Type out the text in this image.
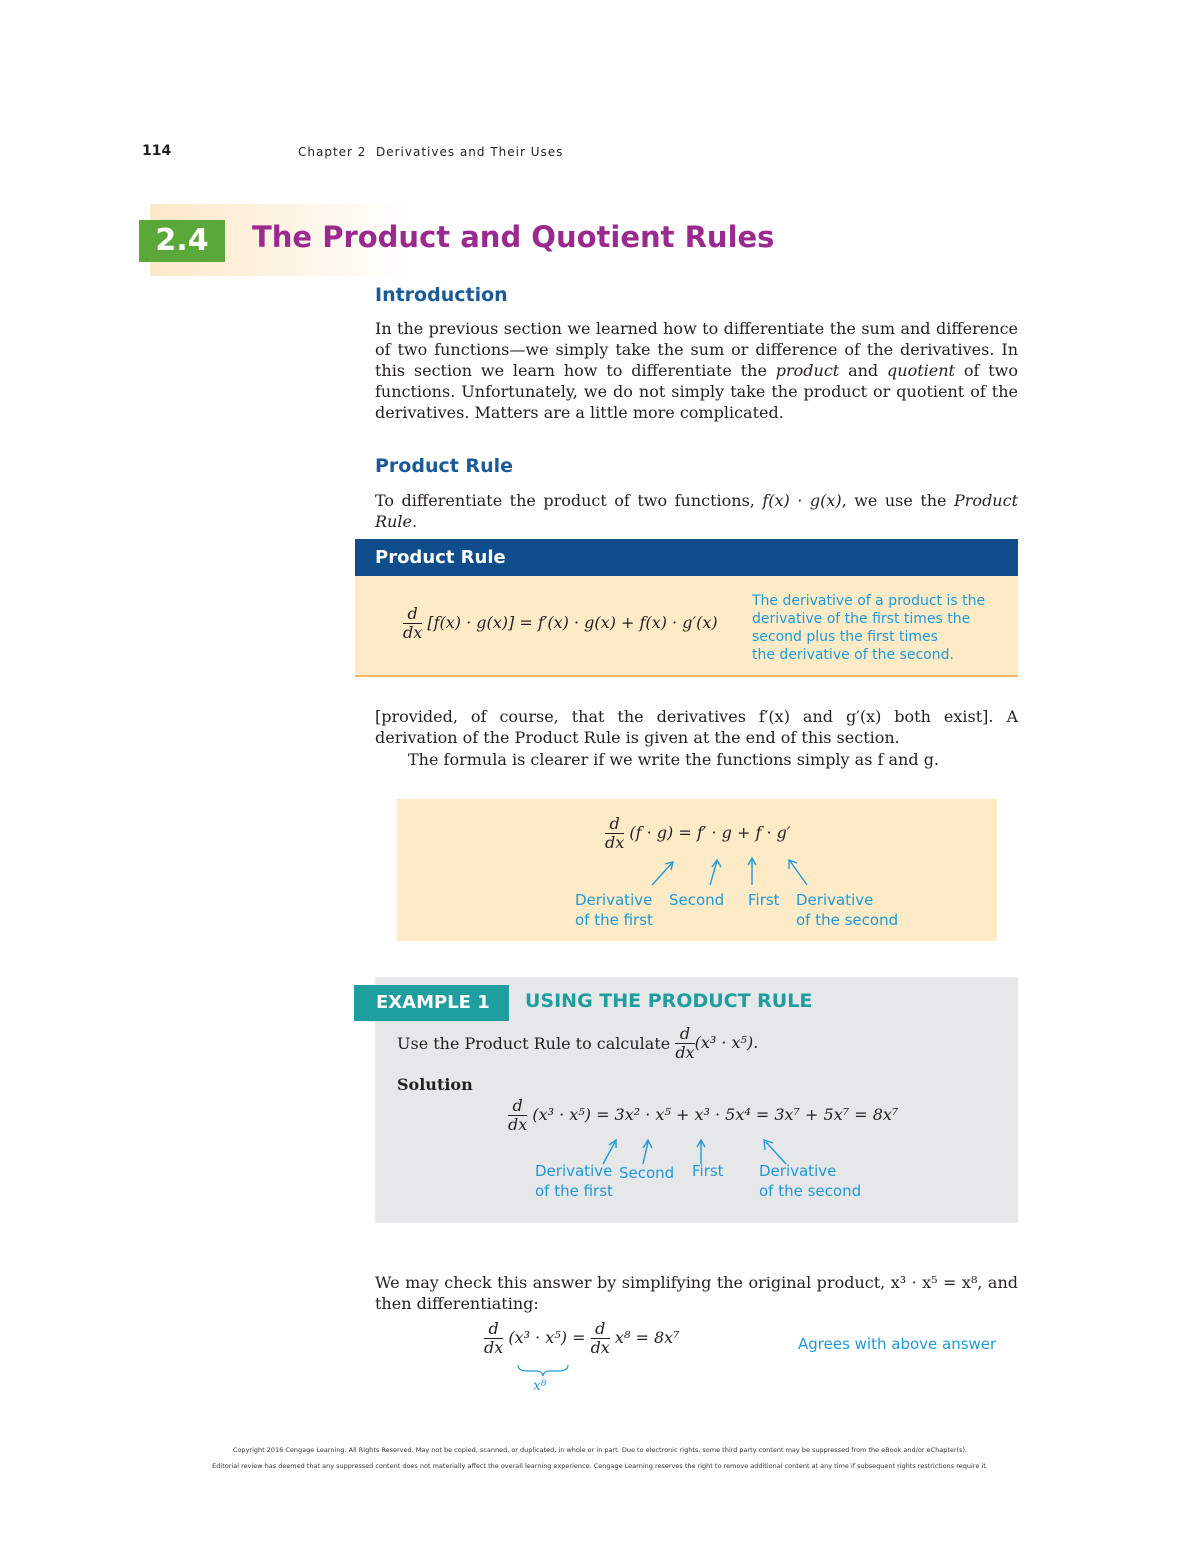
114	Chapter 2 Derivatives and Their Uses
2.4	The Product and Quotient Rules
Introduction
In the previous section we learned how to differentiate the sum and difference of two functions—we simply take the sum or difference of the derivatives. In this section we learn how to differentiate the product and quotient of two functions. Unfortunately, we do not simply take the product or quotient of the derivatives. Matters are a little more complicated.
Product Rule
To differentiate the product of two functions, f(x) · g(x), we use the Product Rule.
Product Rule
$\frac{d}{dx} [f(x) \cdot g(x)] = f'(x) \cdot g(x) + f(x) \cdot g'(x)$
The derivative of a product is the
derivative of the first times the
second plus the first times
the derivative of the second.
[provided, of course, that the derivatives f′(x) and g′(x) both exist]. A derivation of the Product Rule is given at the end of this section.
The formula is clearer if we write the functions simply as f and g.
$\frac{d}{dx} (f \cdot g) = f' \cdot g + f \cdot g'$
Derivative
of the first
Second First Derivative
of the second
EXAMPLE 1	USING THE PRODUCT RULE
Use the Product Rule to calculate $\frac{d}{dx} (x^3 \cdot x^5)$.
Solution
$\frac{d}{dx} (x^3 \cdot x^5) = 3x^2 \cdot x^5 + x^3 \cdot 5x^4 = 3x^7 + 5x^7 = 8x^7$
Derivative
of the first
Second First Derivative
of the second
We may check this answer by simplifying the original product, x³ · x⁵ = x⁸, and then differentiating:
$\frac{d}{dx} (x^3 \cdot x^5) = \frac{d}{dx} x^8 = 8x^7$
x⁸
Agrees with above answer
Copyright 2016 Cengage Learning. All Rights Reserved. May not be copied, scanned, or duplicated, in whole or in part. Due to electronic rights, some third party content may be suppressed from the eBook and/or eChapter(s).
Editorial review has deemed that any suppressed content does not materially affect the overall learning experience. Cengage Learning reserves the right to remove additional content at any time if subsequent rights restrictions require it.
